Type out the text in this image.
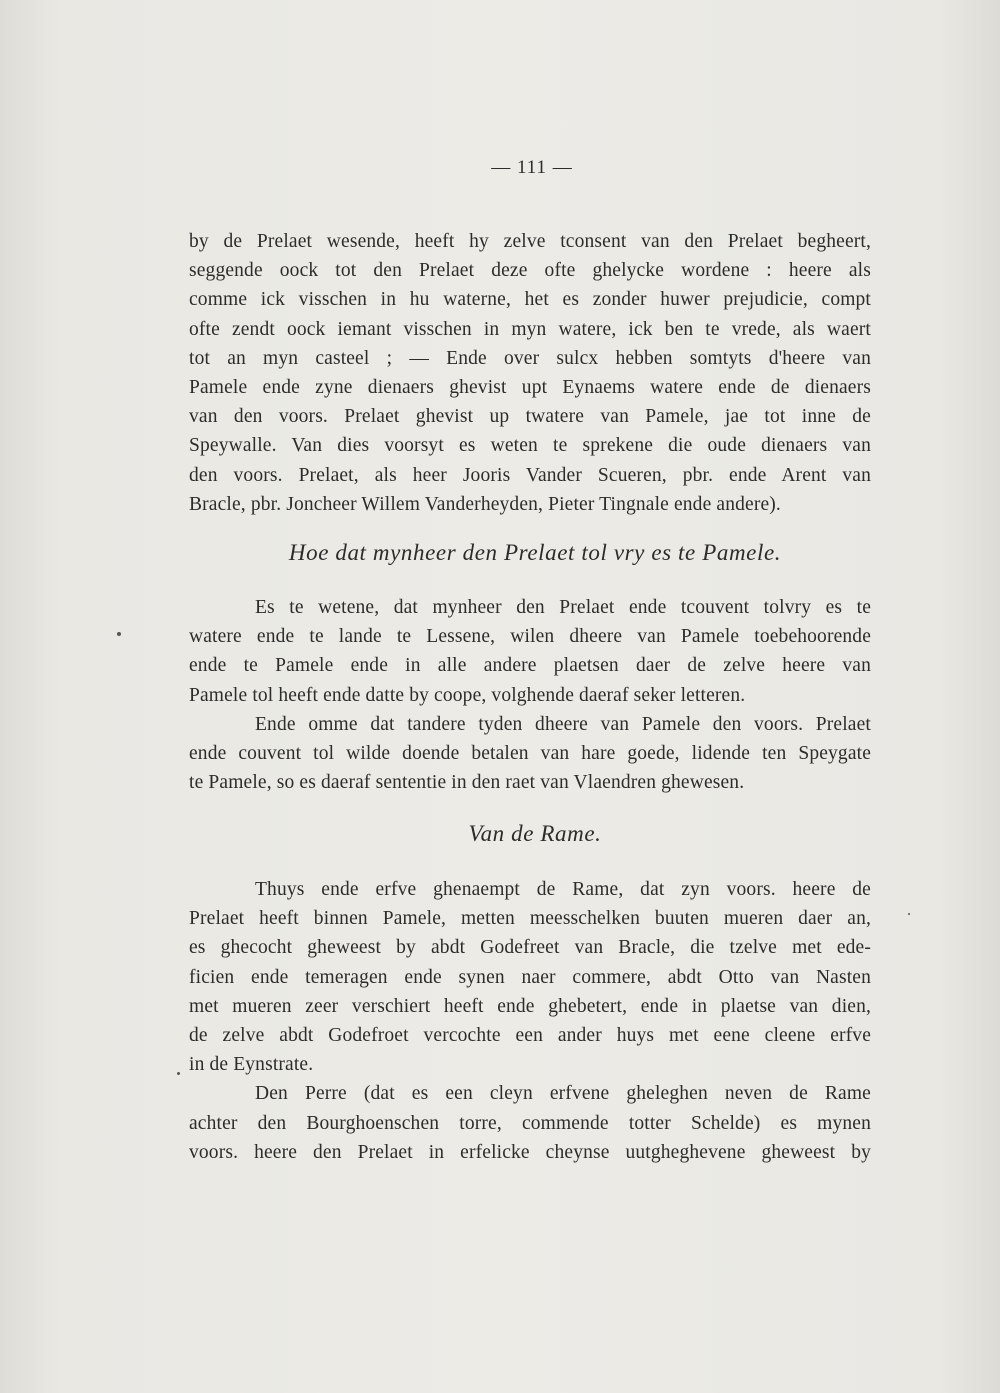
— 111 —
by de Prelaet wesende, heeft hy zelve tconsent van den Prelaet begheert,
seggende oock tot den Prelaet deze ofte ghelycke wordene : heere als
comme ick visschen in hu waterne, het es zonder huwer prejudicie, compt
ofte zendt oock iemant visschen in myn watere, ick ben te vrede, als waert
tot an myn casteel ; — Ende over sulcx hebben somtyts d'heere van
Pamele ende zyne dienaers ghevist upt Eynaems watere ende de dienaers
van den voors. Prelaet ghevist up twatere van Pamele, jae tot inne de
Speywalle. Van dies voorsyt es weten te sprekene die oude dienaers van
den voors. Prelaet, als heer Jooris Vander Scueren, pbr. ende Arent van
Bracle, pbr. Joncheer Willem Vanderheyden, Pieter Tingnale ende andere).
Hoe dat mynheer den Prelaet tol vry es te Pamele.
Es te wetene, dat mynheer den Prelaet ende tcouvent tolvry es te
watere ende te lande te Lessene, wilen dheere van Pamele toebehoorende
ende te Pamele ende in alle andere plaetsen daer de zelve heere van
Pamele tol heeft ende datte by coope, volghende daeraf seker letteren.
Ende omme dat tandere tyden dheere van Pamele den voors. Prelaet
ende couvent tol wilde doende betalen van hare goede, lidende ten Speygate
te Pamele, so es daeraf sententie in den raet van Vlaendren ghewesen.
Van de Rame.
Thuys ende erfve ghenaempt de Rame, dat zyn voors. heere de
Prelaet heeft binnen Pamele, metten meesschelken buuten mueren daer an,
es ghecocht gheweest by abdt Godefreet van Bracle, die tzelve met ede-
ficien ende temeragen ende synen naer commere, abdt Otto van Nasten
met mueren zeer verschiert heeft ende ghebetert, ende in plaetse van dien,
de zelve abdt Godefroet vercochte een ander huys met eene cleene erfve
in de Eynstrate.
Den Perre (dat es een cleyn erfvene gheleghen neven de Rame
achter den Bourghoenschen torre, commende totter Schelde) es mynen
voors. heere den Prelaet in erfelicke cheynse uutgheghevene gheweest by
